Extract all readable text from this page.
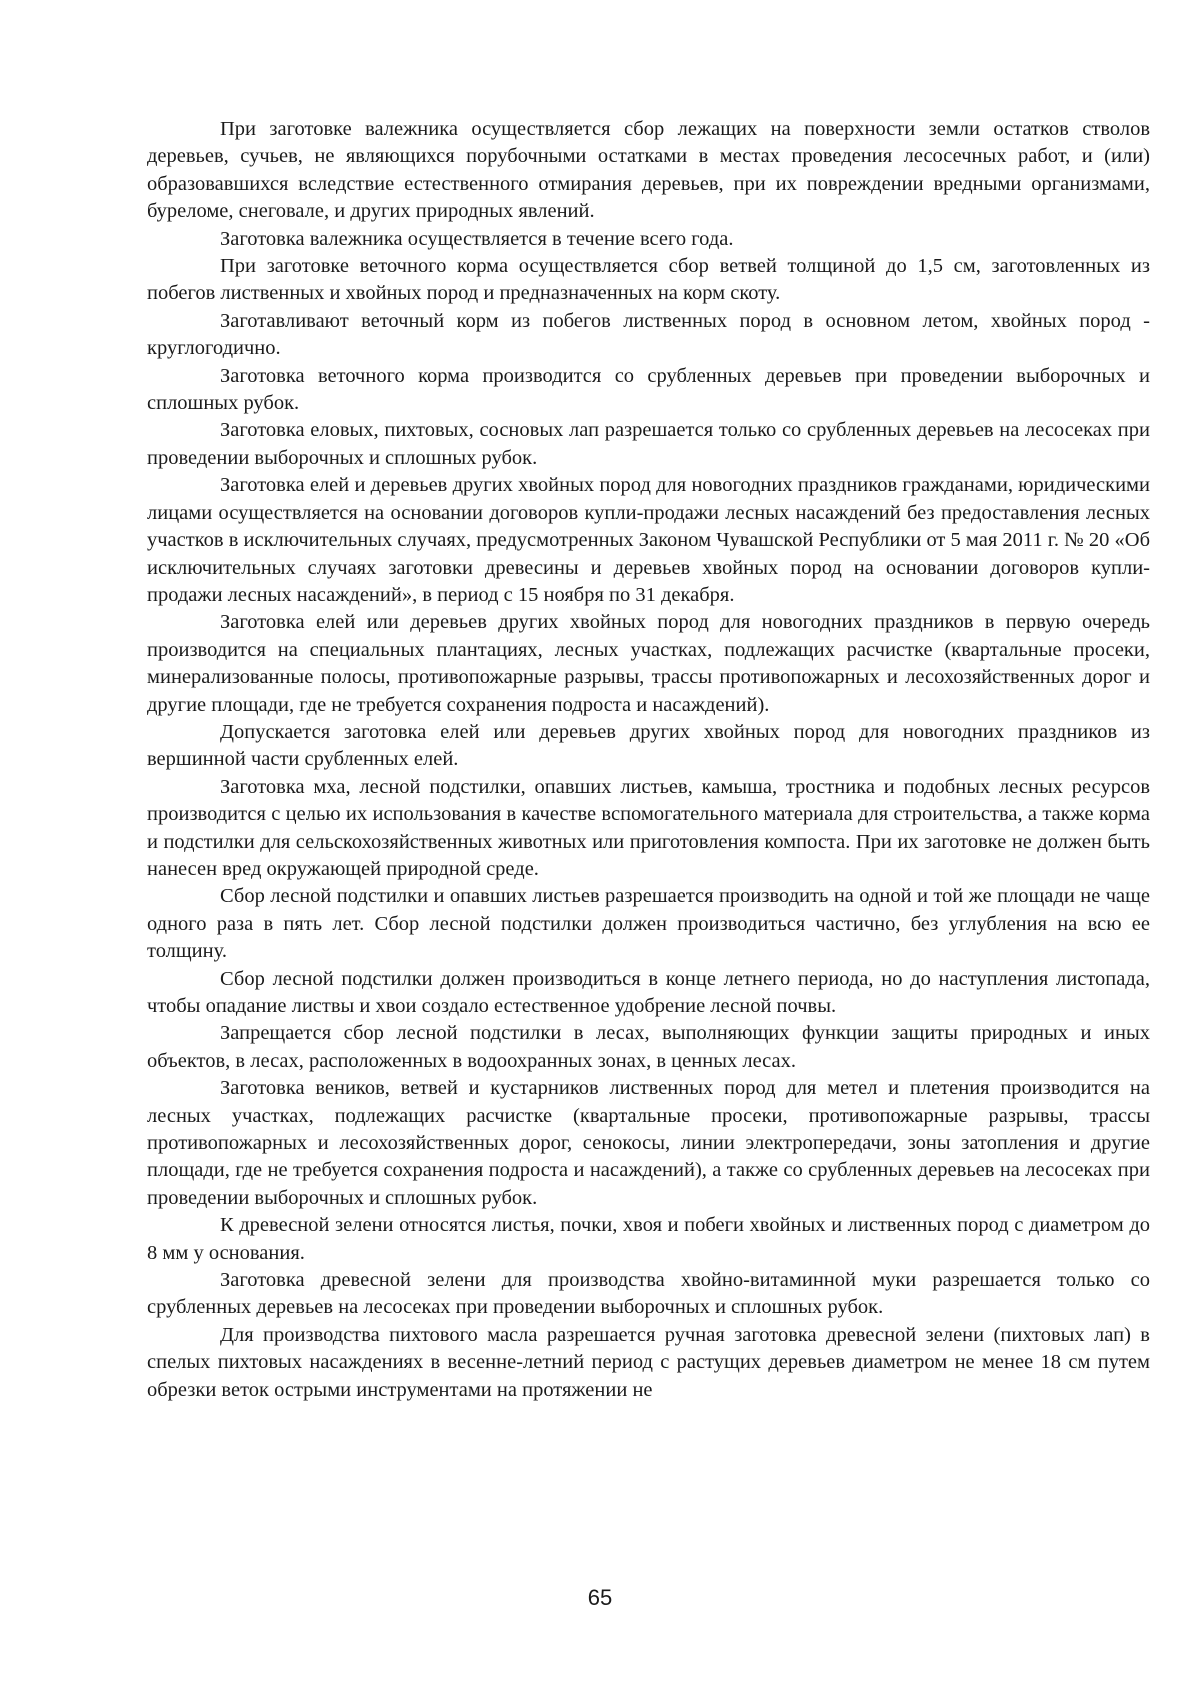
При заготовке валежника осуществляется сбор лежащих на поверхности земли остатков стволов деревьев, сучьев, не являющихся порубочными остатками в местах проведения лесосечных работ, и (или) образовавшихся вследствие естественного отмирания деревьев, при их повреждении вредными организмами, буреломе, снеговале, и других природных явлений.

Заготовка валежника осуществляется в течение всего года.

При заготовке веточного корма осуществляется сбор ветвей толщиной до 1,5 см, заготовленных из побегов лиственных и хвойных пород и предназначенных на корм скоту.

Заготавливают веточный корм из побегов лиственных пород в основном летом, хвойных пород - круглогодично.

Заготовка веточного корма производится со срубленных деревьев при проведении выборочных и сплошных рубок.

Заготовка еловых, пихтовых, сосновых лап разрешается только со срубленных деревьев на лесосеках при проведении выборочных и сплошных рубок.

Заготовка елей и деревьев других хвойных пород для новогодних праздников гражданами, юридическими лицами осуществляется на основании договоров купли-продажи лесных насаждений без предоставления лесных участков в исключительных случаях, предусмотренных Законом Чувашской Республики от 5 мая 2011 г. № 20 «Об исключительных случаях заготовки древесины и деревьев хвойных пород на основании договоров купли-продажи лесных насаждений», в период с 15 ноября по 31 декабря.

Заготовка елей или деревьев других хвойных пород для новогодних праздников в первую очередь производится на специальных плантациях, лесных участках, подлежащих расчистке (квартальные просеки, минерализованные полосы, противопожарные разрывы, трассы противопожарных и лесохозяйственных дорог и другие площади, где не требуется сохранения подроста и насаждений).

Допускается заготовка елей или деревьев других хвойных пород для новогодних праздников из вершинной части срубленных елей.

Заготовка мха, лесной подстилки, опавших листьев, камыша, тростника и подобных лесных ресурсов производится с целью их использования в качестве вспомогательного материала для строительства, а также корма и подстилки для сельскохозяйственных животных или приготовления компоста. При их заготовке не должен быть нанесен вред окружающей природной среде.

Сбор лесной подстилки и опавших листьев разрешается производить на одной и той же площади не чаще одного раза в пять лет. Сбор лесной подстилки должен производиться частично, без углубления на всю ее толщину.

Сбор лесной подстилки должен производиться в конце летнего периода, но до наступления листопада, чтобы опадание листвы и хвои создало естественное удобрение лесной почвы.

Запрещается сбор лесной подстилки в лесах, выполняющих функции защиты природных и иных объектов, в лесах, расположенных в водоохранных зонах, в ценных лесах.

Заготовка веников, ветвей и кустарников лиственных пород для метел и плетения производится на лесных участках, подлежащих расчистке (квартальные просеки, противопожарные разрывы, трассы противопожарных и лесохозяйственных дорог, сенокосы, линии электропередачи, зоны затопления и другие площади, где не требуется сохранения подроста и насаждений), а также со срубленных деревьев на лесосеках при проведении выборочных и сплошных рубок.

К древесной зелени относятся листья, почки, хвоя и побеги хвойных и лиственных пород с диаметром до 8 мм у основания.

Заготовка древесной зелени для производства хвойно-витаминной муки разрешается только со срубленных деревьев на лесосеках при проведении выборочных и сплошных рубок.

Для производства пихтового масла разрешается ручная заготовка древесной зелени (пихтовых лап) в спелых пихтовых насаждениях в весенне-летний период с растущих деревьев диаметром не менее 18 см путем обрезки веток острыми инструментами на протяжении не

65
